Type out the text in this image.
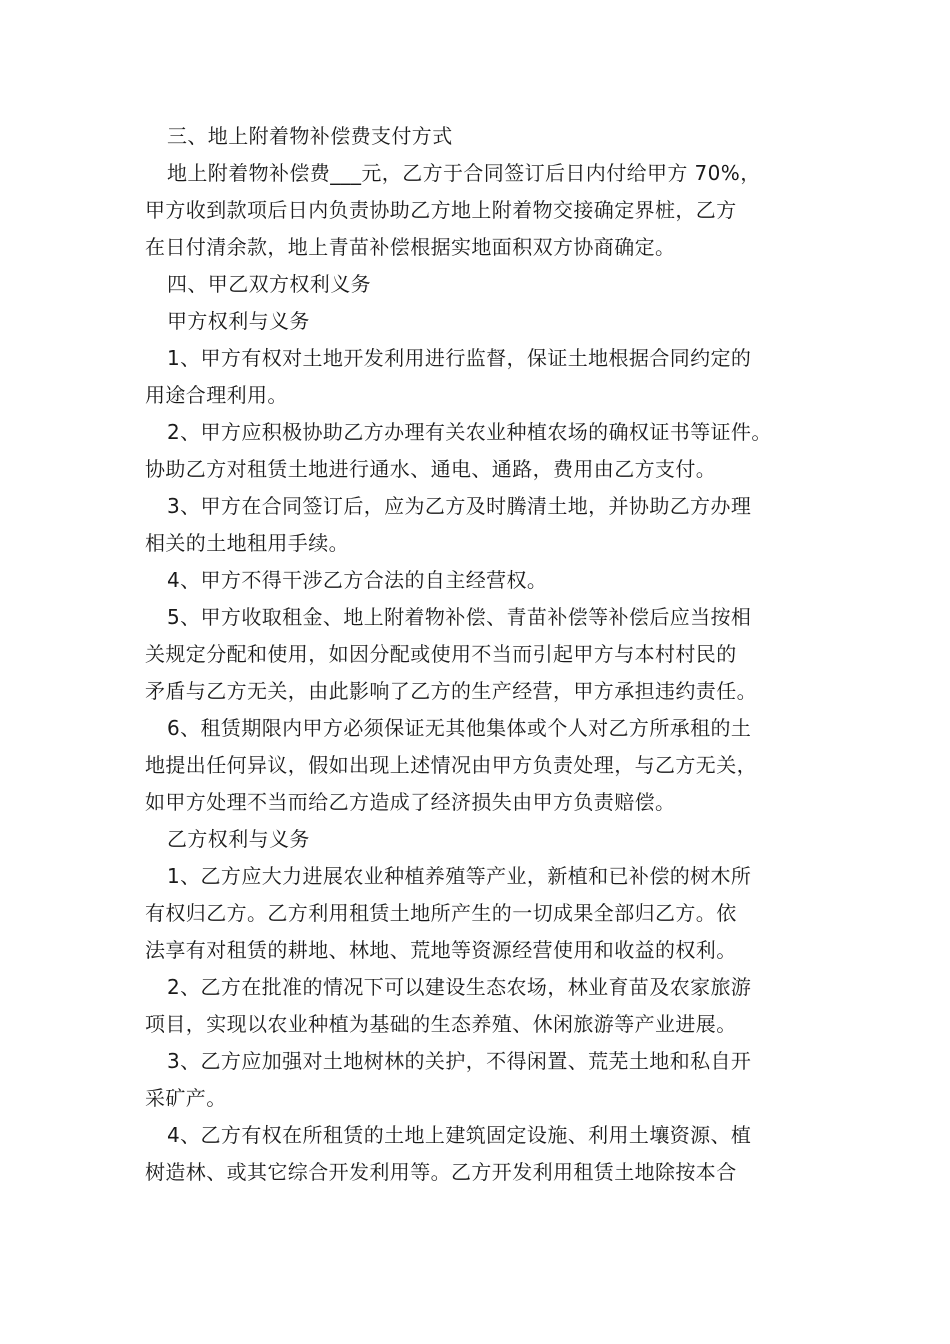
三、地上附着物补偿费支付方式
地上附着物补偿费___元，乙方于合同签订后日内付给甲方 70%，
甲方收到款项后日内负责协助乙方地上附着物交接确定界桩，乙方
在日付清余款，地上青苗补偿根据实地面积双方协商确定。
四、甲乙双方权利义务
甲方权利与义务
1、甲方有权对土地开发利用进行监督，保证土地根据合同约定的
用途合理利用。
2、甲方应积极协助乙方办理有关农业种植农场的确权证书等证件。
协助乙方对租赁土地进行通水、通电、通路，费用由乙方支付。
3、甲方在合同签订后，应为乙方及时腾清土地，并协助乙方办理
相关的土地租用手续。
4、甲方不得干涉乙方合法的自主经营权。
5、甲方收取租金、地上附着物补偿、青苗补偿等补偿后应当按相
关规定分配和使用，如因分配或使用不当而引起甲方与本村村民的
矛盾与乙方无关，由此影响了乙方的生产经营，甲方承担违约责任。
6、租赁期限内甲方必须保证无其他集体或个人对乙方所承租的土
地提出任何异议，假如出现上述情况由甲方负责处理，与乙方无关，
如甲方处理不当而给乙方造成了经济损失由甲方负责赔偿。
乙方权利与义务
1、乙方应大力进展农业种植养殖等产业，新植和已补偿的树木所
有权归乙方。乙方利用租赁土地所产生的一切成果全部归乙方。依
法享有对租赁的耕地、林地、荒地等资源经营使用和收益的权利。
2、乙方在批准的情况下可以建设生态农场，林业育苗及农家旅游
项目，实现以农业种植为基础的生态养殖、休闲旅游等产业进展。
3、乙方应加强对土地树林的关护，不得闲置、荒芜土地和私自开
采矿产。
4、乙方有权在所租赁的土地上建筑固定设施、利用土壤资源、植
树造林、或其它综合开发利用等。乙方开发利用租赁土地除按本合
